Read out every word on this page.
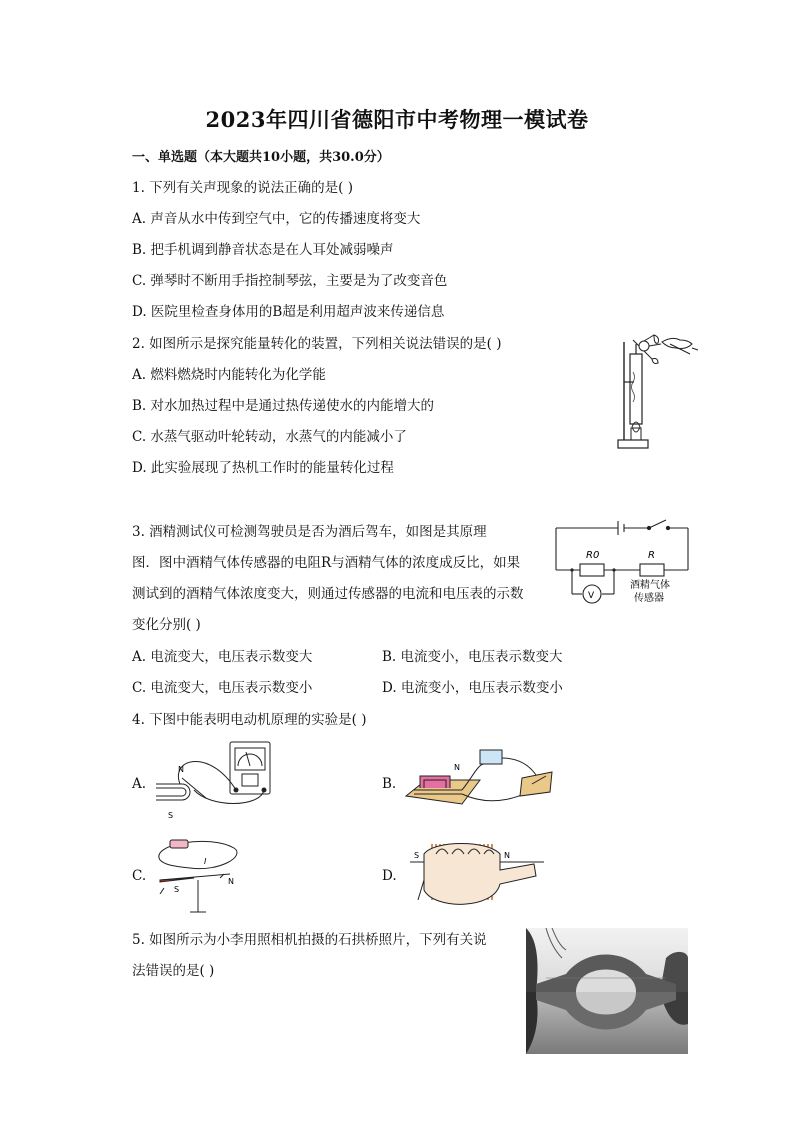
2023年四川省德阳市中考物理一模试卷
一、单选题（本大题共10小题，共30.0分）
1. 下列有关声现象的说法正确的是( )
A. 声音从水中传到空气中，它的传播速度将变大
B. 把手机调到静音状态是在人耳处减弱噪声
C. 弹琴时不断用手指控制琴弦，主要是为了改变音色
D. 医院里检查身体用的B超是利用超声波来传递信息
2. 如图所示是探究能量转化的装置，下列相关说法错误的是( )
A. 燃料燃烧时内能转化为化学能
B. 对水加热过程中是通过热传递使水的内能增大的
C. 水蒸气驱动叶轮转动，水蒸气的内能减小了
D. 此实验展现了热机工作时的能量转化过程
3. 酒精测试仪可检测驾驶员是否为酒后驾车，如图是其原理
图．图中酒精气体传感器的电阻R与酒精气体的浓度成反比，如果
测试到的酒精气体浓度变大，则通过传感器的电流和电压表的示数
变化分别( )
A. 电流变大，电压表示数变大	B. 电流变小，电压表示数变大
C. 电流变大，电压表示数变小	D. 电流变小，电压表示数变小
R0	R
V
酒精气体
传感器
4. 下图中能表明电动机原理的实验是( )
A.
N
S
B.
N
C.
S
N
I
D.
S	N
5. 如图所示为小李用照相机拍摄的石拱桥照片，下列有关说
法错误的是( )
